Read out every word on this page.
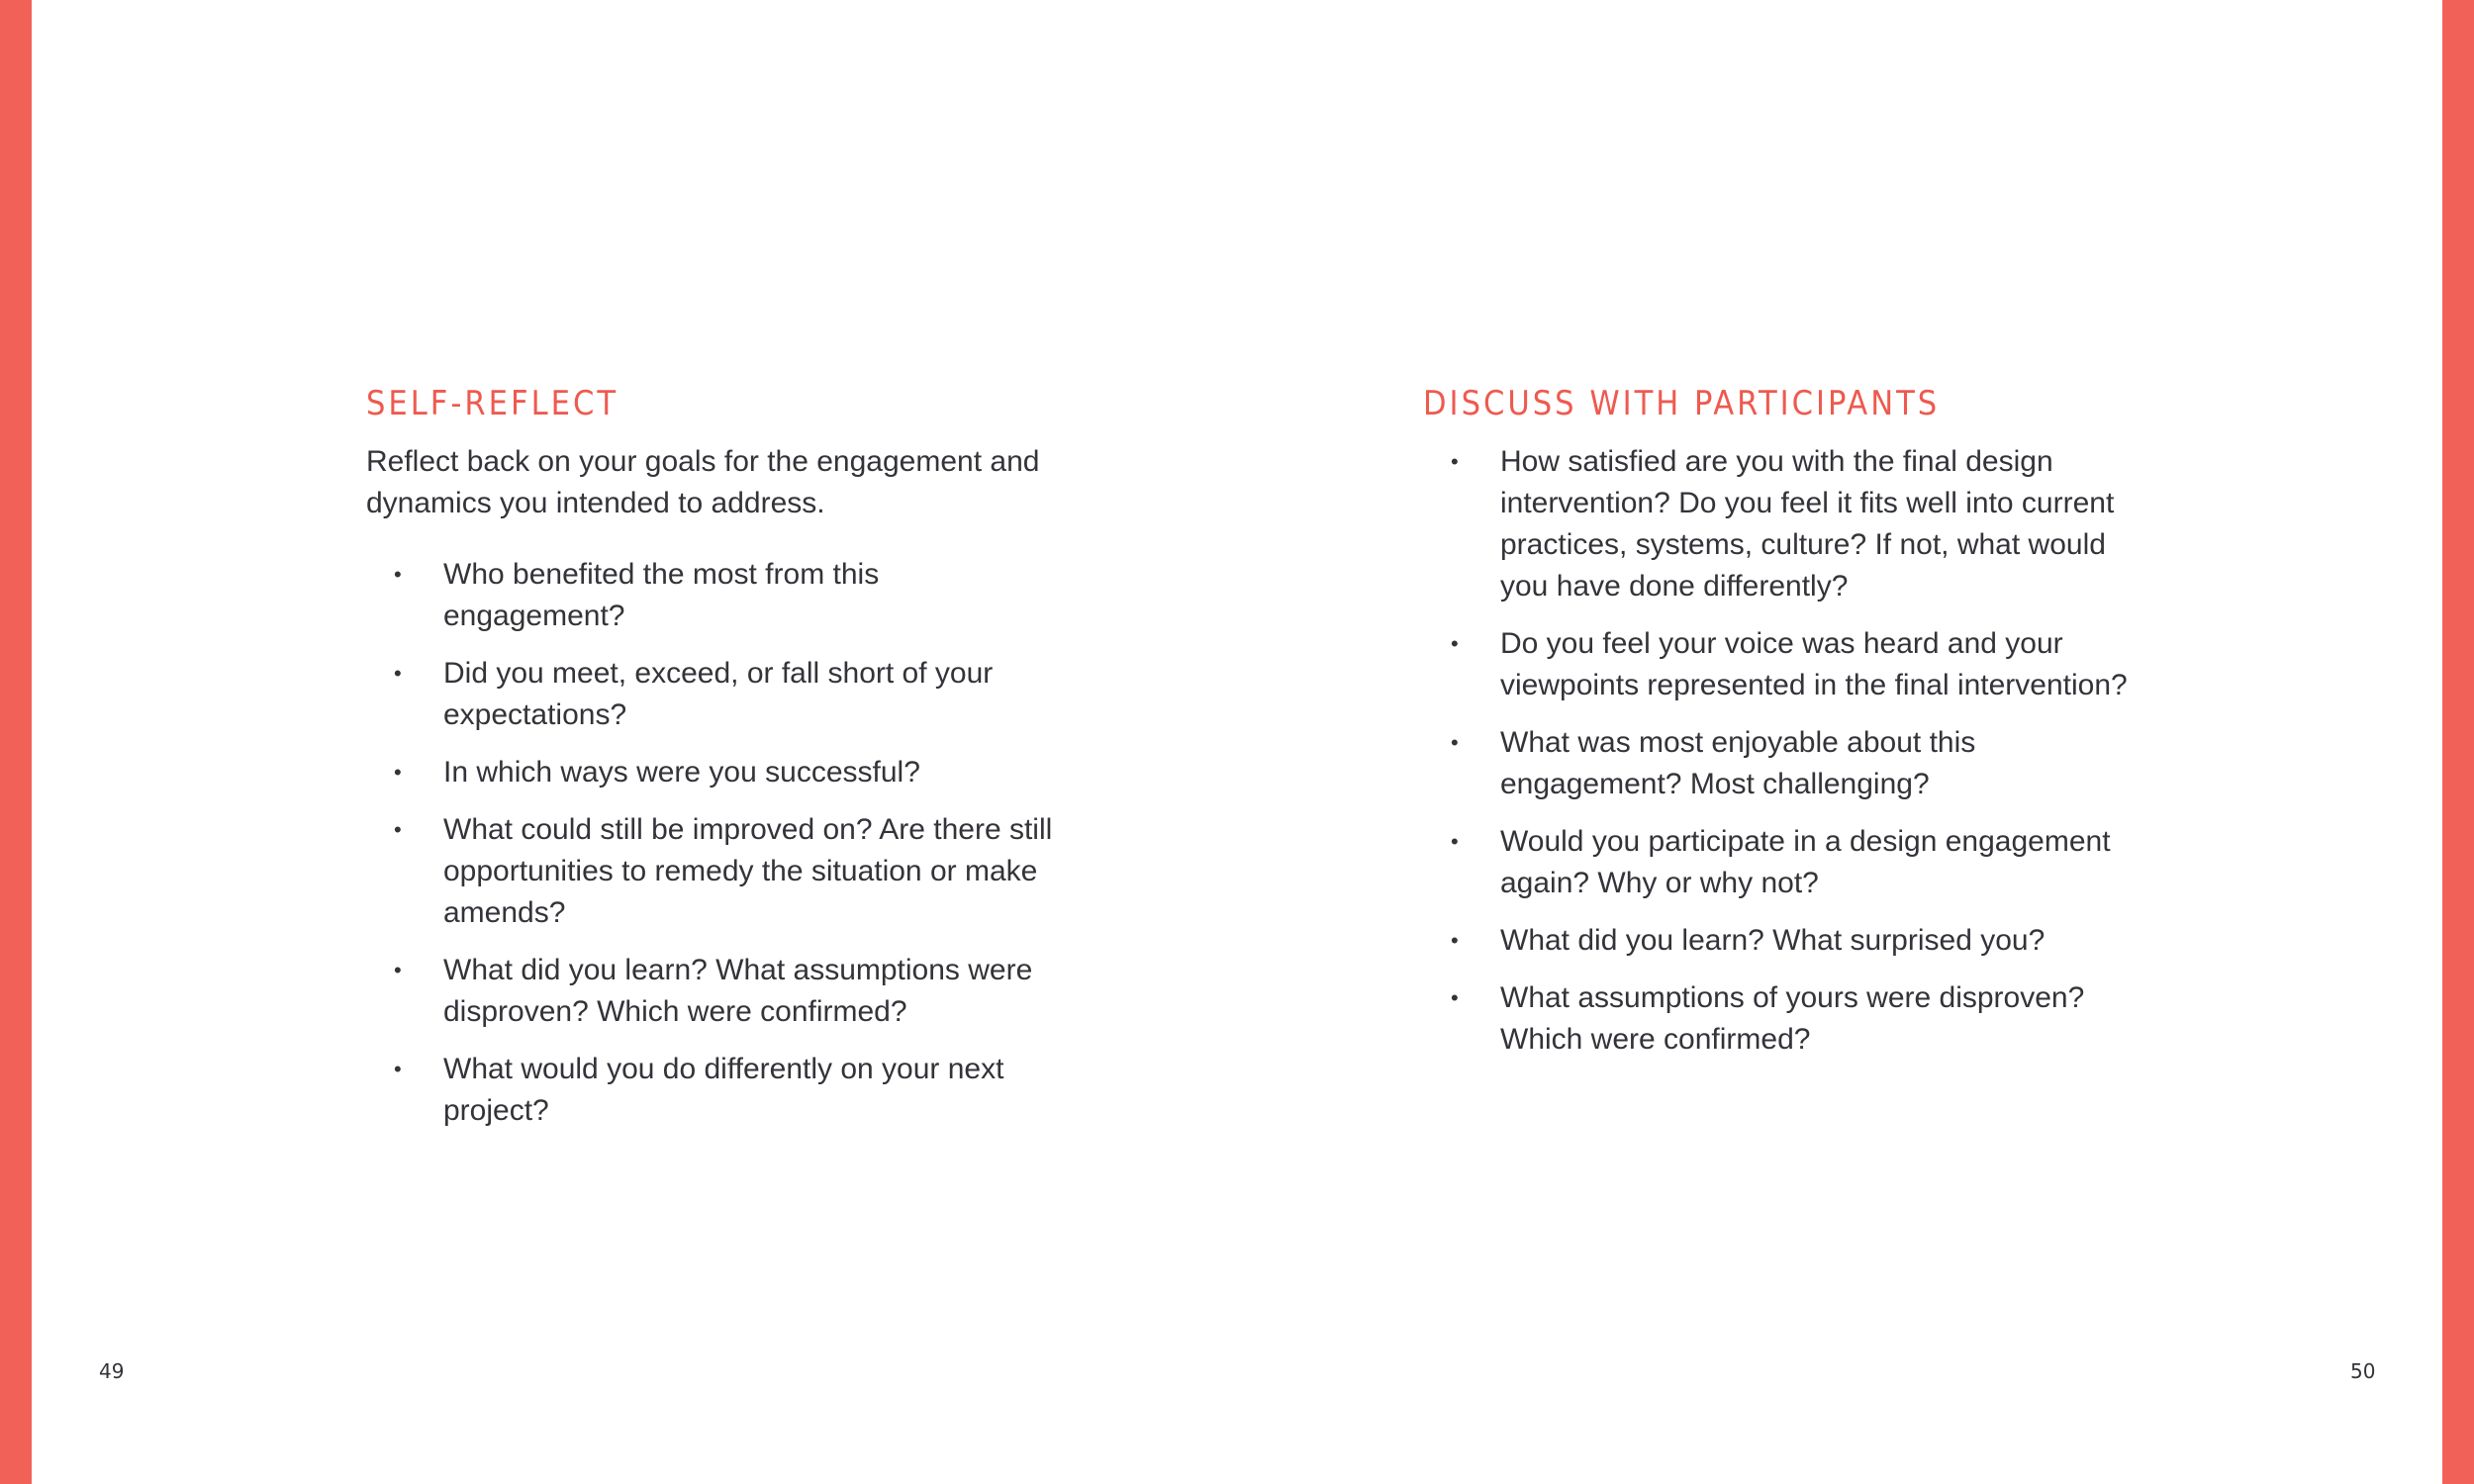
SELF-REFLECT

Reflect back on your goals for the engagement and dynamics you intended to address.

• Who benefited the most from this engagement?
• Did you meet, exceed, or fall short of your expectations?
• In which ways were you successful?
• What could still be improved on? Are there still opportunities to remedy the situation or make amends?
• What did you learn? What assumptions were disproven? Which were confirmed?
• What would you do differently on your next project?
49
DISCUSS WITH PARTICIPANTS
• How satisfied are you with the final design intervention? Do you feel it fits well into current practices, systems, culture? If not, what would you have done differently?
• Do you feel your voice was heard and your viewpoints represented in the final intervention?
• What was most enjoyable about this engagement? Most challenging?
• Would you participate in a design engagement again? Why or why not?
• What did you learn? What surprised you?
• What assumptions of yours were disproven? Which were confirmed?
50
